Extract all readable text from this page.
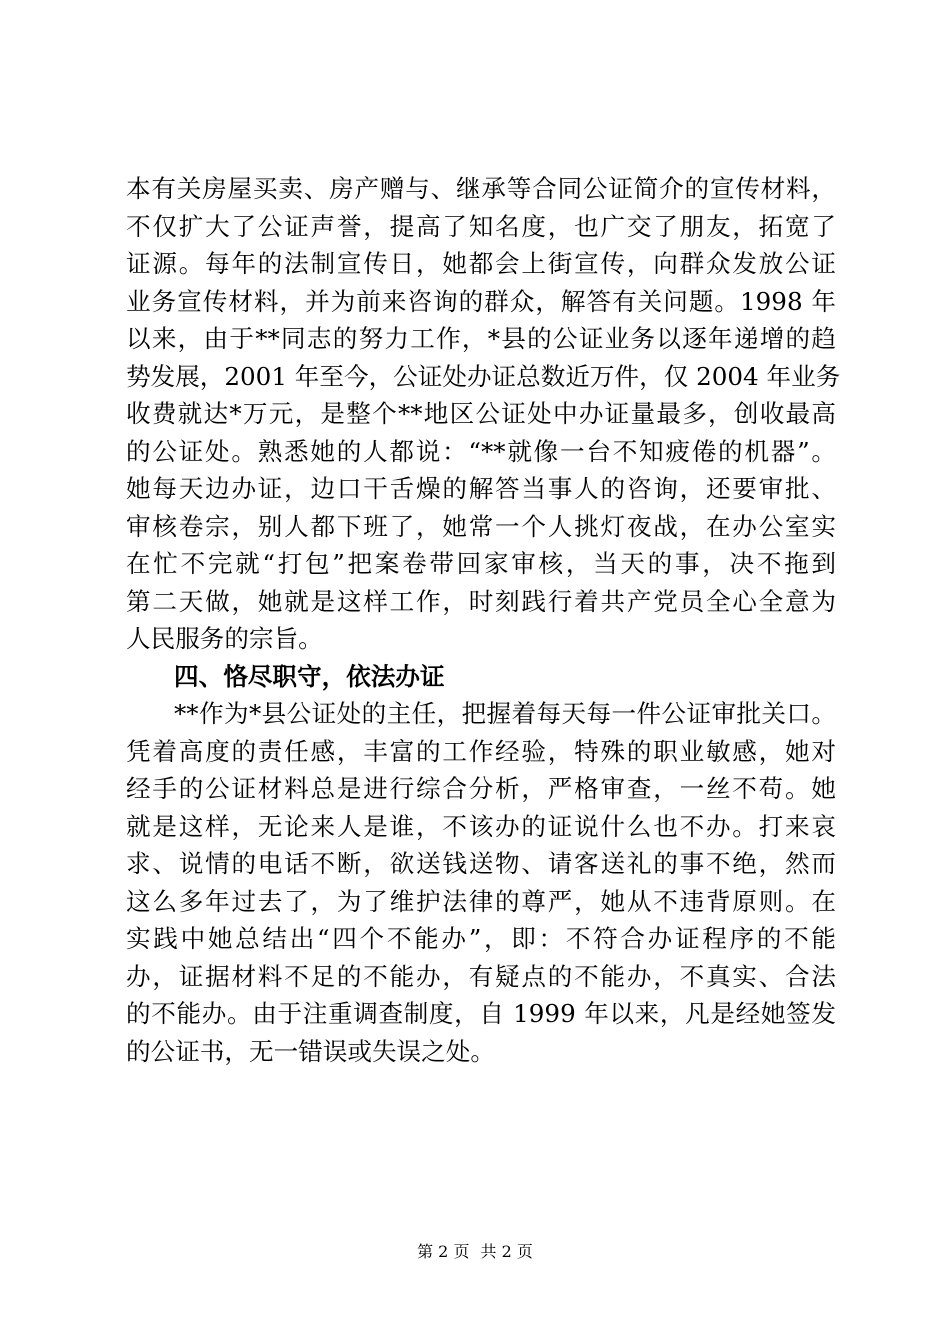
本有关房屋买卖、房产赠与、继承等合同公证简介的宣传材料，
不仅扩大了公证声誉，提高了知名度，也广交了朋友，拓宽了
证源。每年的法制宣传日，她都会上街宣传，向群众发放公证
业务宣传材料，并为前来咨询的群众，解答有关问题。1998 年
以来，由于**同志的努力工作，*县的公证业务以逐年递增的趋
势发展，2001 年至今，公证处办证总数近万件，仅 2004 年业务
收费就达*万元，是整个**地区公证处中办证量最多，创收最高
的公证处。熟悉她的人都说：“**就像一台不知疲倦的机器”。
她每天边办证，边口干舌燥的解答当事人的咨询，还要审批、
审核卷宗，别人都下班了，她常一个人挑灯夜战，在办公室实
在忙不完就“打包”把案卷带回家审核，当天的事，决不拖到
第二天做，她就是这样工作，时刻践行着共产党员全心全意为
人民服务的宗旨。
四、恪尽职守，依法办证
**作为*县公证处的主任，把握着每天每一件公证审批关口。
凭着高度的责任感，丰富的工作经验，特殊的职业敏感，她对
经手的公证材料总是进行综合分析，严格审查，一丝不苟。她
就是这样，无论来人是谁，不该办的证说什么也不办。打来哀
求、说情的电话不断，欲送钱送物、请客送礼的事不绝，然而
这么多年过去了，为了维护法律的尊严，她从不违背原则。在
实践中她总结出“四个不能办”，即：不符合办证程序的不能
办，证据材料不足的不能办，有疑点的不能办，不真实、合法
的不能办。由于注重调查制度，自 1999 年以来，凡是经她签发
的公证书，无一错误或失误之处。
第 2 页 共 2 页
